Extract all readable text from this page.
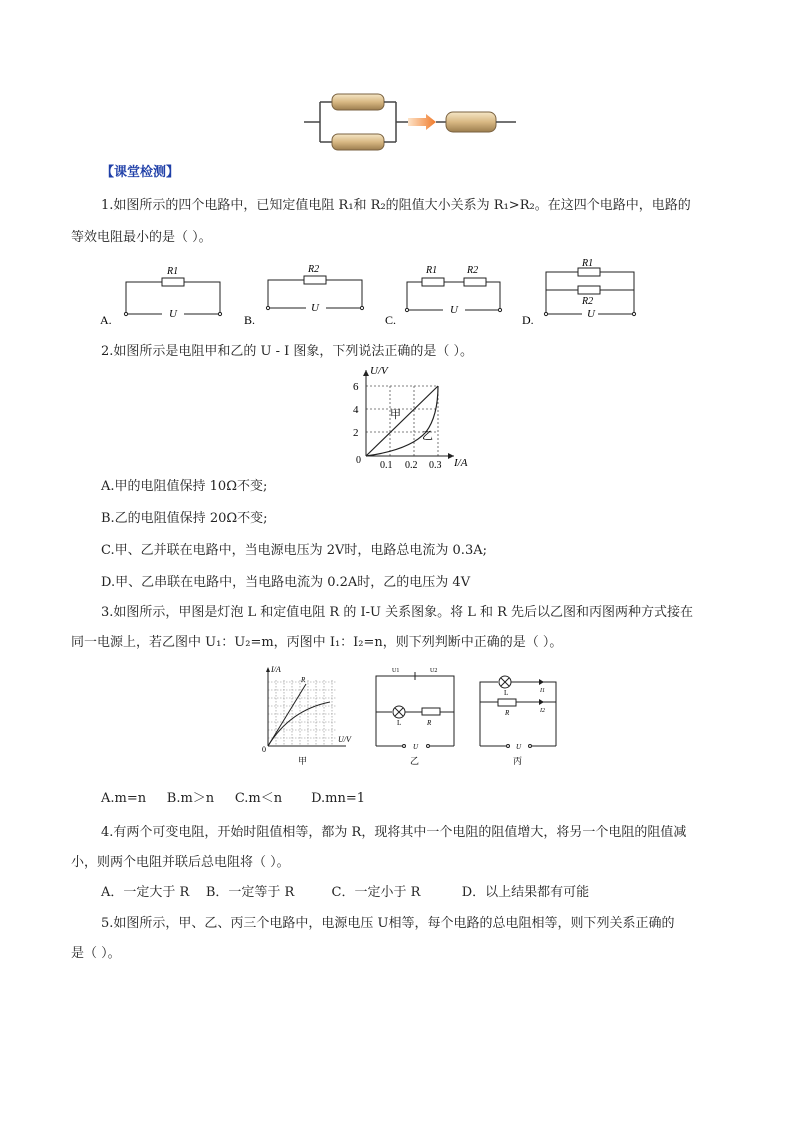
【课堂检测】
1.如图所示的四个电路中，已知定值电阻 R₁和 R₂的阻值大小关系为 R₁>R₂。在这四个电路中，电路的
等效电阻最小的是（ ）。
A.
R1
U	B.
R2
U
C.
R1	R2
U
D.
R1
R2
U
2.如图所示是电阻甲和乙的 U - I 图象，下列说法正确的是（ ）。
U/V
I/A
6
4
2
0 0.1 0.2 0.3
甲
乙
A.甲的电阻值保持 10Ω不变;
B.乙的电阻值保持 20Ω不变;
C.甲、乙并联在电路中，当电源电压为 2V时，电路总电流为 0.3A;
D.甲、乙串联在电路中，当电路电流为 0.2A时，乙的电压为 4V
3.如图所示，甲图是灯泡 L 和定值电阻 R 的 I-U 关系图象。将 L 和 R 先后以乙图和丙图两种方式接在
同一电源上，若乙图中 U₁：U₂=m，丙图中 I₁：I₂=n，则下列判断中正确的是（ ）。
I/A
U/V
R
0
甲
U1	U2
L	R
U
乙
L
R
I1
I2
U
丙
A.m=n     B.m＞n     C.m＜n       D.mn=1
4.有两个可变电阻，开始时阻值相等，都为 R，现将其中一个电阻的阻值增大，将另一个电阻的阻值减
小，则两个电阻并联后总电阻将（ ）。
A．一定大于 R    B．一定等于 R         C．一定小于 R          D．以上结果都有可能
5.如图所示，甲、乙、丙三个电路中，电源电压 U相等，每个电路的总电阻相等，则下列关系正确的
是（ ）。
